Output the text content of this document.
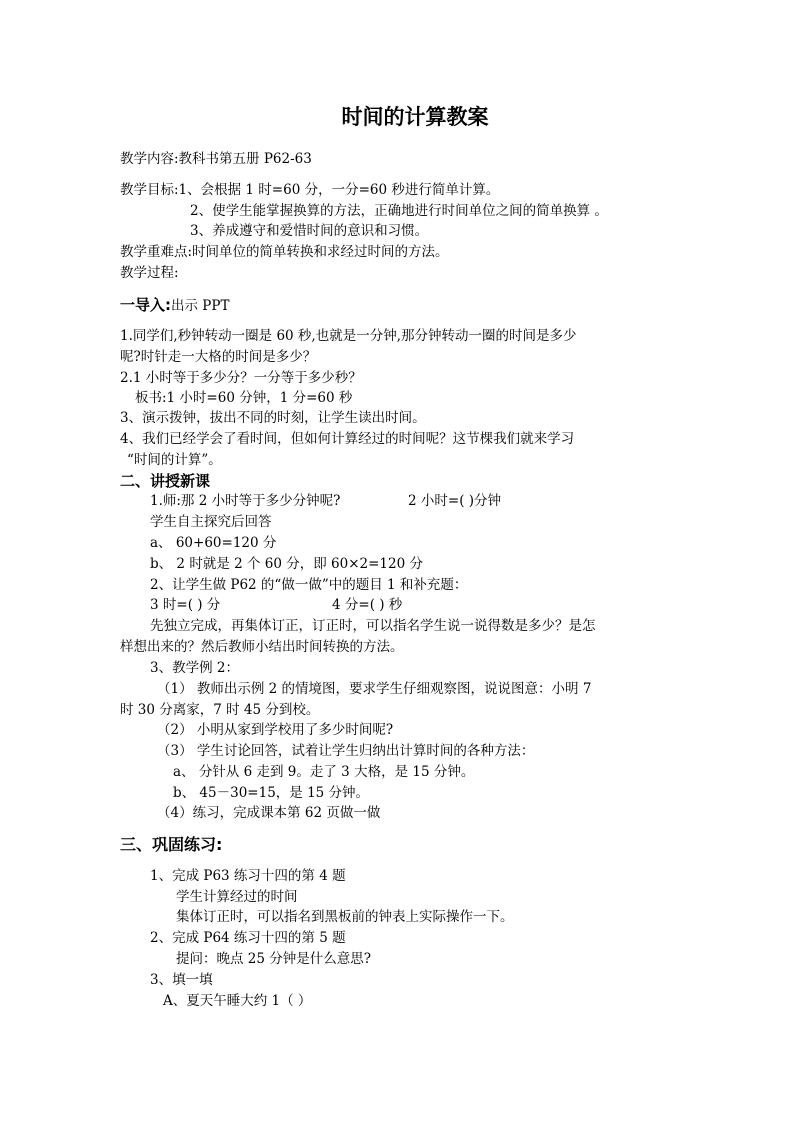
时间的计算教案
教学内容:教科书第五册 P62-63
教学目标:1、会根据 1 时=60 分，一分=60 秒进行简单计算。
2、使学生能掌握换算的方法，正确地进行时间单位之间的简单换算 。
3、养成遵守和爱惜时间的意识和习惯。
教学重难点:时间单位的简单转换和求经过时间的方法。
教学过程:
一导入:出示 PPT
1.同学们,秒钟转动一圈是 60 秒,也就是一分钟,那分钟转动一圈的时间是多少
呢?时针走一大格的时间是多少？
2.1 小时等于多少分？一分等于多少秒？
板书:1 小时=60 分钟，1 分=60 秒
3、演示拨钟，拔出不同的时刻，让学生读出时间。
4、我们已经学会了看时间，但如何计算经过的时间呢？这节棵我们就来学习
“时间的计算”。
二、讲授新课
1.师:那 2 小时等于多少分钟呢?	2 小时=( )分钟
学生自主探究后回答
a、 60+60=120 分
b、 2 时就是 2 个 60 分，即 60×2=120 分
2、让学生做 P62 的“做一做”中的题目 1 和补充题：
3 时=( ) 分	4 分=( ) 秒
先独立完成，再集体订正，订正时，可以指名学生说一说得数是多少？是怎
样想出来的？然后教师小结出时间转换的方法。
3、教学例 2：
（1） 教师出示例 2 的情境图，要求学生仔细观察图，说说图意：小明 7
时 30 分离家，7 时 45 分到校。
（2） 小明从家到学校用了多少时间呢?
（3） 学生讨论回答，试着让学生归纳出计算时间的各种方法：
a、 分针从 6 走到 9。走了 3 大格，是 15 分钟。
b、 45－30=15，是 15 分钟。
（4）练习，完成课本第 62 页做一做
三、巩固练习:
1、完成 P63 练习十四的第 4 题
学生计算经过的时间
集体订正时，可以指名到黑板前的钟表上实际操作一下。
2、完成 P64 练习十四的第 5 题
提问：晚点 25 分钟是什么意思?
3、填一填
A、夏天午睡大约 1（ ）
